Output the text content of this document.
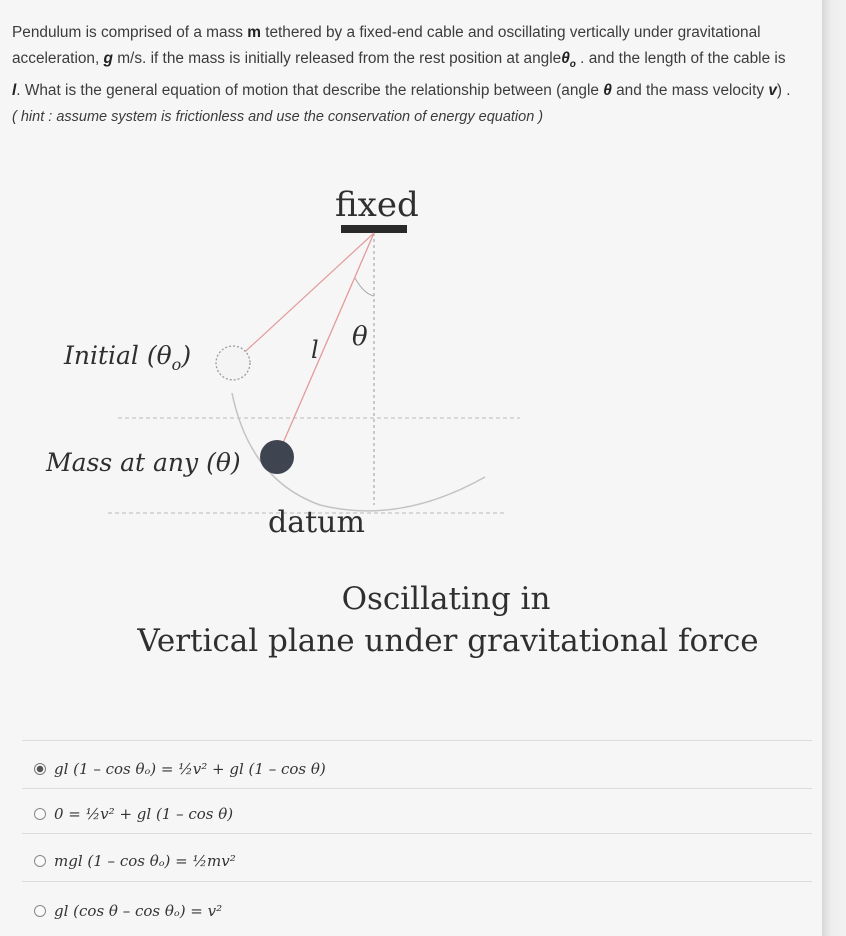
Pendulum is comprised of a mass m tethered by a fixed-end cable and oscillating vertically under gravitational acceleration, g m/s. if the mass is initially released from the rest position at angleθ$_o$ . and the length of the cable is l. What is the general equation of motion that describe the relationship between (angle θ and the mass velocity v) . ( hint : assume system is frictionless and use the conservation of energy equation )
fixed
θ
l
Initial $(\theta_o)$
Mass at any (θ)
datum
Oscillating in
Vertical plane under gravitational force
gl (1 – cos θₒ) = ½v² + gl (1 – cos θ)
0 = ½v² + gl (1 – cos θ)
mgl (1 – cos θₒ) = ½mv²
gl (cos θ – cos θₒ) = v²
